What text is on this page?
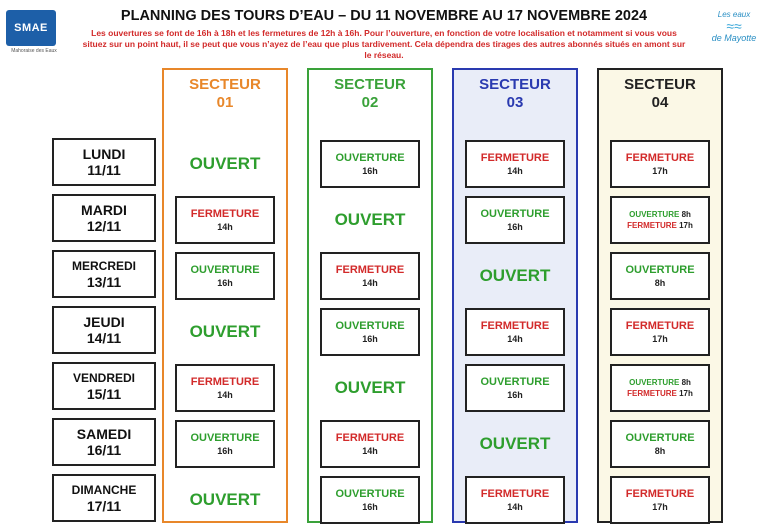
SMAE
Mahoraise des Eaux
PLANNING DES TOURS D’EAU – DU 11 NOVEMBRE AU 17 NOVEMBRE 2024
Les ouvertures se font de 16h à 18h et les fermetures de 12h à 16h. Pour l’ouverture, en fonction de votre localisation et notamment si vous vous situez sur un point haut, il se peut que vous n’ayez de l’eau que plus tardivement. Cela dépendra des tirages des autres abonnés situés en amont sur le réseau.
Les eaux
≈≈
de Mayotte
LUNDI
11/11
MARDI
12/11
MERCREDI
13/11
JEUDI
14/11
VENDREDI
15/11
SAMEDI
16/11
DIMANCHE
17/11
SECTEUR
01
OUVERT
FERMETURE
14h
OUVERTURE
16h
OUVERT
FERMETURE
14h
OUVERTURE
16h
OUVERT
SECTEUR
02
OUVERTURE
16h
OUVERT
FERMETURE
14h
OUVERTURE
16h
OUVERT
FERMETURE
14h
OUVERTURE
16h
SECTEUR
03
FERMETURE
14h
OUVERTURE
16h
OUVERT
FERMETURE
14h
OUVERTURE
16h
OUVERT
FERMETURE
14h
SECTEUR
04
FERMETURE
17h
OUVERTURE 8h
FERMETURE 17h
OUVERTURE
8h
FERMETURE
17h
OUVERTURE 8h
FERMETURE 17h
OUVERTURE
8h
FERMETURE
17h
